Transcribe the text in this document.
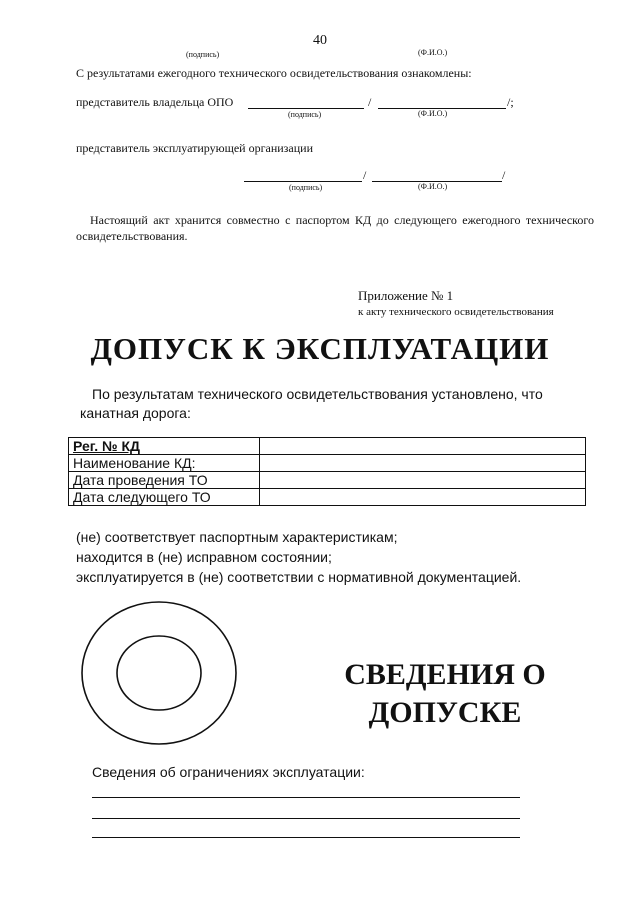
40
(подпись)	(Ф.И.О.)
С результатами ежегодного технического освидетельствования ознакомлены:
представитель владельца ОПО	/	/;
(подпись)	(Ф.И.О.)
представитель эксплуатирующей организации
/	/
(подпись)	(Ф.И.О.)
Настоящий акт хранится совместно с паспортом КД до следующего ежегодного технического освидетельствования.
Приложение № 1
к акту технического освидетельствования
ДОПУСК К ЭКСПЛУАТАЦИИ
По результатам технического освидетельствования установлено, что канатная дорога:
Рег. № КД	
Наименование КД:	
Дата проведения ТО	
Дата следующего ТО	
(не) соответствует паспортным характеристикам;
находится в (не) исправном состоянии;
эксплуатируется в (не) соответствии с нормативной документацией.
СВЕДЕНИЯ О ДОПУСКЕ
Сведения об ограничениях эксплуатации:
